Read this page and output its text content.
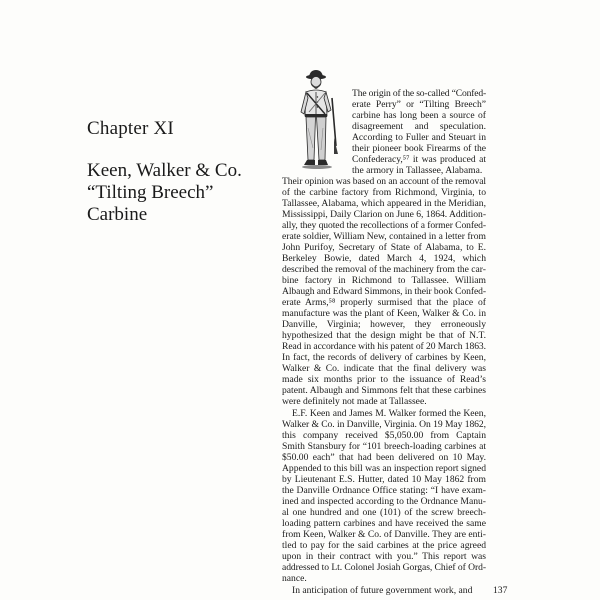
Chapter XI
Keen, Walker & Co.
“Tilting Breech”
Carbine
The origin of the so-called “Confed-
erate Perry” or “Tilting Breech”
carbine has long been a source of
disagreement and speculation.
According to Fuller and Steuart in
their pioneer book Firearms of the
Confederacy,⁵⁷ it was produced at
the armory in Tallassee, Alabama.
Their opinion was based on an account of the removal
of the carbine factory from Richmond, Virginia, to
Tallassee, Alabama, which appeared in the Meridian,
Mississippi, Daily Clarion on June 6, 1864. Addition-
ally, they quoted the recollections of a former Confed-
erate soldier, William New, contained in a letter from
John Purifoy, Secretary of State of Alabama, to E.
Berkeley Bowie, dated March 4, 1924, which
described the removal of the machinery from the car-
bine factory in Richmond to Tallassee. William
Albaugh and Edward Simmons, in their book Confed-
erate Arms,⁵⁸ properly surmised that the place of
manufacture was the plant of Keen, Walker & Co. in
Danville, Virginia; however, they erroneously
hypothesized that the design might be that of N.T.
Read in accordance with his patent of 20 March 1863.
In fact, the records of delivery of carbines by Keen,
Walker & Co. indicate that the final delivery was
made six months prior to the issuance of Read’s
patent. Albaugh and Simmons felt that these carbines
were definitely not made at Tallassee.
E.F. Keen and James M. Walker formed the Keen,
Walker & Co. in Danville, Virginia. On 19 May 1862,
this company received $5,050.00 from Captain
Smith Stansbury for “101 breech-loading carbines at
$50.00 each” that had been delivered on 10 May.
Appended to this bill was an inspection report signed
by Lieutenant E.S. Hutter, dated 10 May 1862 from
the Danville Ordnance Office stating: “I have exam-
ined and inspected according to the Ordnance Manu-
al one hundred and one (101) of the screw breech-
loading pattern carbines and have received the same
from Keen, Walker & Co. of Danville. They are enti-
tled to pay for the said carbines at the price agreed
upon in their contract with you.” This report was
addressed to Lt. Colonel Josiah Gorgas, Chief of Ord-
nance.
In anticipation of future government work, and	137
